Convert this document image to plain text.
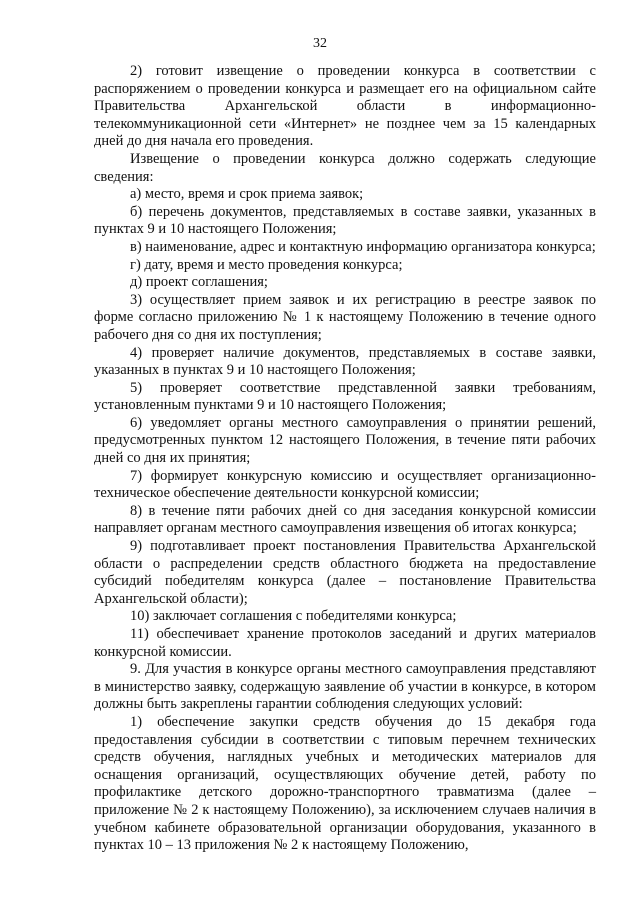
32

2) готовит извещение о проведении конкурса в соответствии с распоряжением о проведении конкурса и размещает его на официальном сайте Правительства Архангельской области в информационно-телекоммуникационной сети «Интернет» не позднее чем за 15 календарных дней до дня начала его проведения.

Извещение о проведении конкурса должно содержать следующие сведения:

а) место, время и срок приема заявок;

б) перечень документов, представляемых в составе заявки, указанных в пунктах 9 и 10 настоящего Положения;

в) наименование, адрес и контактную информацию организатора конкурса;

г) дату, время и место проведения конкурса;

д) проект соглашения;

3) осуществляет прием заявок и их регистрацию в реестре заявок по форме согласно приложению № 1 к настоящему Положению в течение одного рабочего дня со дня их поступления;

4) проверяет наличие документов, представляемых в составе заявки, указанных в пунктах 9 и 10 настоящего Положения;

5) проверяет соответствие представленной заявки требованиям, установленным пунктами 9 и 10 настоящего Положения;

6) уведомляет органы местного самоуправления о принятии решений, предусмотренных пунктом 12 настоящего Положения, в течение пяти рабочих дней со дня их принятия;

7) формирует конкурсную комиссию и осуществляет организационно-техническое обеспечение деятельности конкурсной комиссии;

8) в течение пяти рабочих дней со дня заседания конкурсной комиссии направляет органам местного самоуправления извещения об итогах конкурса;

9) подготавливает проект постановления Правительства Архангельской области о распределении средств областного бюджета на предоставление субсидий победителям конкурса (далее – постановление Правительства Архангельской области);

10) заключает соглашения с победителями конкурса;

11) обеспечивает хранение протоколов заседаний и других материалов конкурсной комиссии.

9. Для участия в конкурсе органы местного самоуправления представляют в министерство заявку, содержащую заявление об участии в конкурсе, в котором должны быть закреплены гарантии соблюдения следующих условий:

1) обеспечение закупки средств обучения до 15 декабря года предоставления субсидии в соответствии с типовым перечнем технических средств обучения, наглядных учебных и методических материалов для оснащения организаций, осуществляющих обучение детей, работу по профилактике детского дорожно-транспортного травматизма (далее – приложение № 2 к настоящему Положению), за исключением случаев наличия в учебном кабинете образовательной организации оборудования, указанного в пунктах 10 – 13 приложения № 2 к настоящему Положению,
